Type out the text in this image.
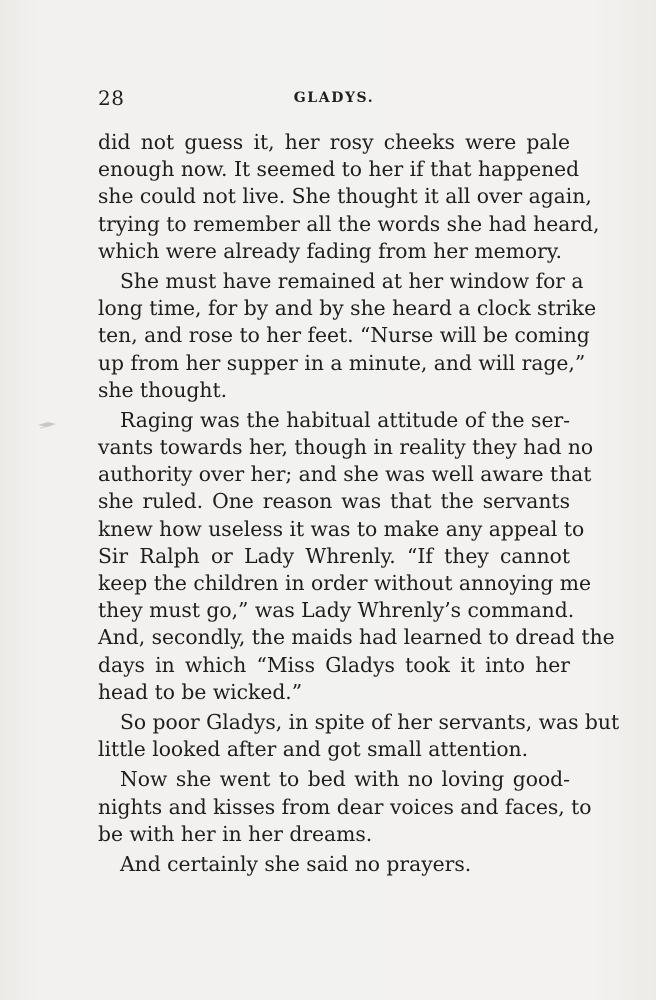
28	GLADYS.
did not guess it, her rosy cheeks were pale
enough now. It seemed to her if that happened
she could not live. She thought it all over again,
trying to remember all the words she had heard,
which were already fading from her memory.
She must have remained at her window for a
long time, for by and by she heard a clock strike
ten, and rose to her feet. “Nurse will be coming
up from her supper in a minute, and will rage,”
she thought.
Raging was the habitual attitude of the ser-
vants towards her, though in reality they had no
authority over her; and she was well aware that
she ruled. One reason was that the servants
knew how useless it was to make any appeal to
Sir Ralph or Lady Whrenly. “If they cannot
keep the children in order without annoying me
they must go,” was Lady Whrenly’s command.
And, secondly, the maids had learned to dread the
days in which “Miss Gladys took it into her
head to be wicked.”
So poor Gladys, in spite of her servants, was but
little looked after and got small attention.
Now she went to bed with no loving good-
nights and kisses from dear voices and faces, to
be with her in her dreams.
And certainly she said no prayers.
